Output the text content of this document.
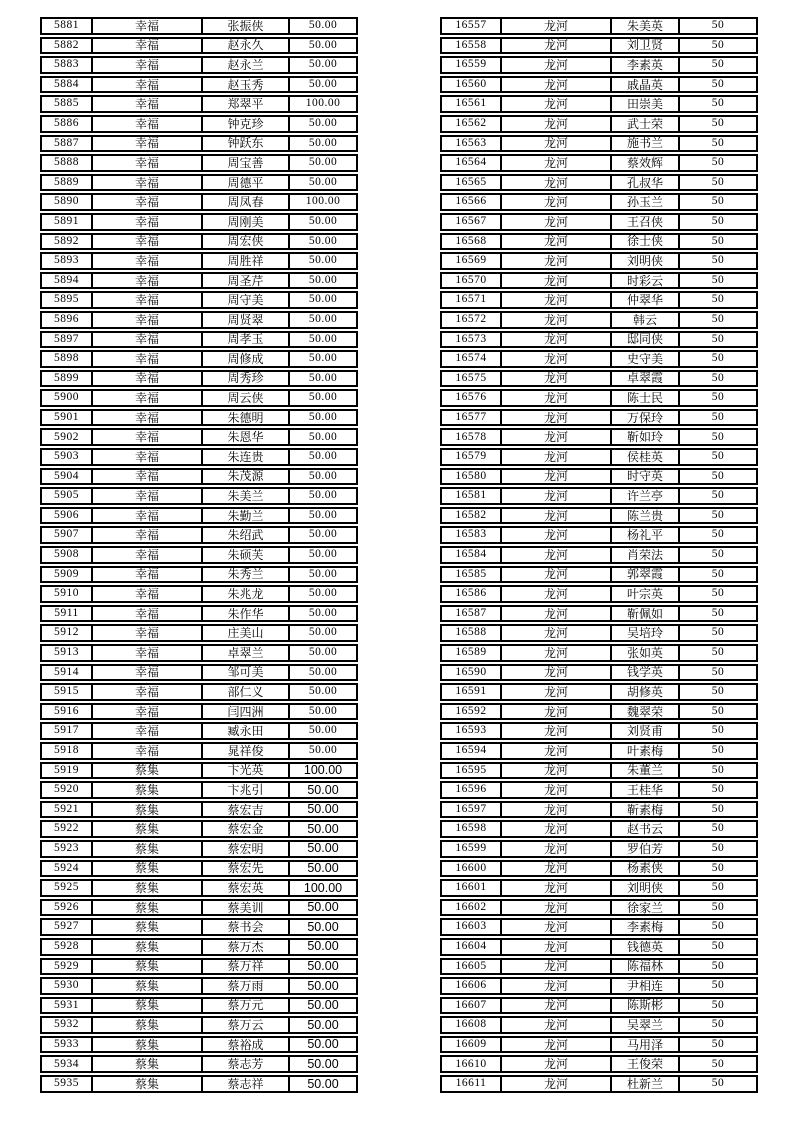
5881	幸福	张振侠	50.00
5882	幸福	赵永久	50.00
5883	幸福	赵永兰	50.00
5884	幸福	赵玉秀	50.00
5885	幸福	郑翠平	100.00
5886	幸福	钟克珍	50.00
5887	幸福	钟跃东	50.00
5888	幸福	周宝善	50.00
5889	幸福	周德平	50.00
5890	幸福	周凤春	100.00
5891	幸福	周刚美	50.00
5892	幸福	周宏侠	50.00
5893	幸福	周胜祥	50.00
5894	幸福	周圣芹	50.00
5895	幸福	周守美	50.00
5896	幸福	周贤翠	50.00
5897	幸福	周孝玉	50.00
5898	幸福	周修成	50.00
5899	幸福	周秀珍	50.00
5900	幸福	周云侠	50.00
5901	幸福	朱德明	50.00
5902	幸福	朱恩华	50.00
5903	幸福	朱连贵	50.00
5904	幸福	朱茂源	50.00
5905	幸福	朱美兰	50.00
5906	幸福	朱勤兰	50.00
5907	幸福	朱绍武	50.00
5908	幸福	朱硕芙	50.00
5909	幸福	朱秀兰	50.00
5910	幸福	朱兆龙	50.00
5911	幸福	朱作华	50.00
5912	幸福	庄美山	50.00
5913	幸福	卓翠兰	50.00
5914	幸福	邹可美	50.00
5915	幸福	部仁义	50.00
5916	幸福	闫四洲	50.00
5917	幸福	臧永田	50.00
5918	幸福	晁祥俊	50.00
5919	蔡集	卞光英	100.00
5920	蔡集	卞兆引	50.00
5921	蔡集	蔡宏吉	50.00
5922	蔡集	蔡宏金	50.00
5923	蔡集	蔡宏明	50.00
5924	蔡集	蔡宏先	50.00
5925	蔡集	蔡宏英	100.00
5926	蔡集	蔡美训	50.00
5927	蔡集	蔡书会	50.00
5928	蔡集	蔡万杰	50.00
5929	蔡集	蔡万祥	50.00
5930	蔡集	蔡万雨	50.00
5931	蔡集	蔡万元	50.00
5932	蔡集	蔡万云	50.00
5933	蔡集	蔡裕成	50.00
5934	蔡集	蔡志芳	50.00
5935	蔡集	蔡志祥	50.00
16557	龙河	朱美英	50
16558	龙河	刘卫贤	50
16559	龙河	李素英	50
16560	龙河	戚晶英	50
16561	龙河	田崇美	50
16562	龙河	武士荣	50
16563	龙河	施书兰	50
16564	龙河	蔡效辉	50
16565	龙河	孔叔华	50
16566	龙河	孙玉兰	50
16567	龙河	王召侠	50
16568	龙河	徐士侠	50
16569	龙河	刘明侠	50
16570	龙河	时彩云	50
16571	龙河	仲翠华	50
16572	龙河	韩云	50
16573	龙河	邸同侠	50
16574	龙河	史守美	50
16575	龙河	卓翠霞	50
16576	龙河	陈士民	50
16577	龙河	万保玲	50
16578	龙河	靳如玲	50
16579	龙河	侯桂英	50
16580	龙河	时守英	50
16581	龙河	许兰亭	50
16582	龙河	陈兰贵	50
16583	龙河	杨礼平	50
16584	龙河	肖荣法	50
16585	龙河	郭翠霞	50
16586	龙河	叶宗英	50
16587	龙河	靳佩如	50
16588	龙河	吴培玲	50
16589	龙河	张如英	50
16590	龙河	钱学英	50
16591	龙河	胡修英	50
16592	龙河	魏翠荣	50
16593	龙河	刘贤甫	50
16594	龙河	叶素梅	50
16595	龙河	朱董兰	50
16596	龙河	王桂华	50
16597	龙河	靳素梅	50
16598	龙河	赵书云	50
16599	龙河	罗伯芳	50
16600	龙河	杨素侠	50
16601	龙河	刘明侠	50
16602	龙河	徐家兰	50
16603	龙河	李素梅	50
16604	龙河	钱德英	50
16605	龙河	陈福林	50
16606	龙河	尹相连	50
16607	龙河	陈斯彬	50
16608	龙河	吴翠兰	50
16609	龙河	马用泽	50
16610	龙河	王俊荣	50
16611	龙河	杜新兰	50
